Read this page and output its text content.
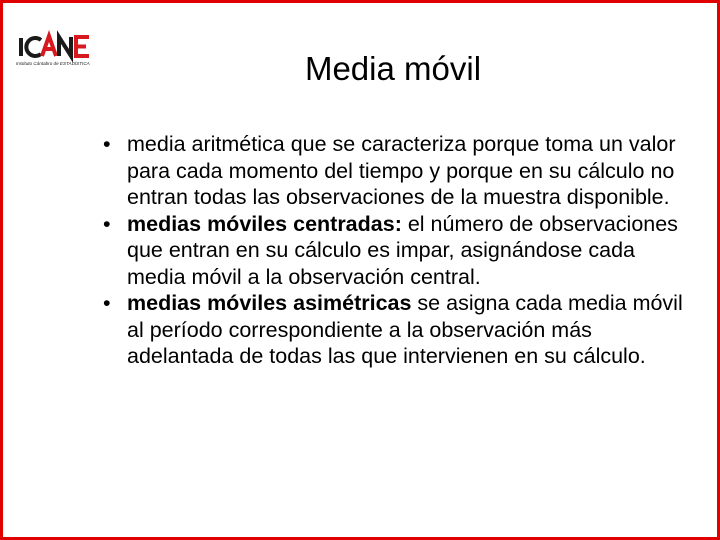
Instituto Cántabro de ESTADÍSTICA	Media móvil
• media aritmética que se caracteriza porque toma un valor para cada momento del tiempo y porque en su cálculo no entran todas las observaciones de la muestra disponible.
• medias móviles centradas: el número de observaciones que entran en su cálculo es impar, asignándose cada media móvil a la observación central.
• medias móviles asimétricas se asigna cada media móvil al período correspondiente a la observación más adelantada de todas las que intervienen en su cálculo.
